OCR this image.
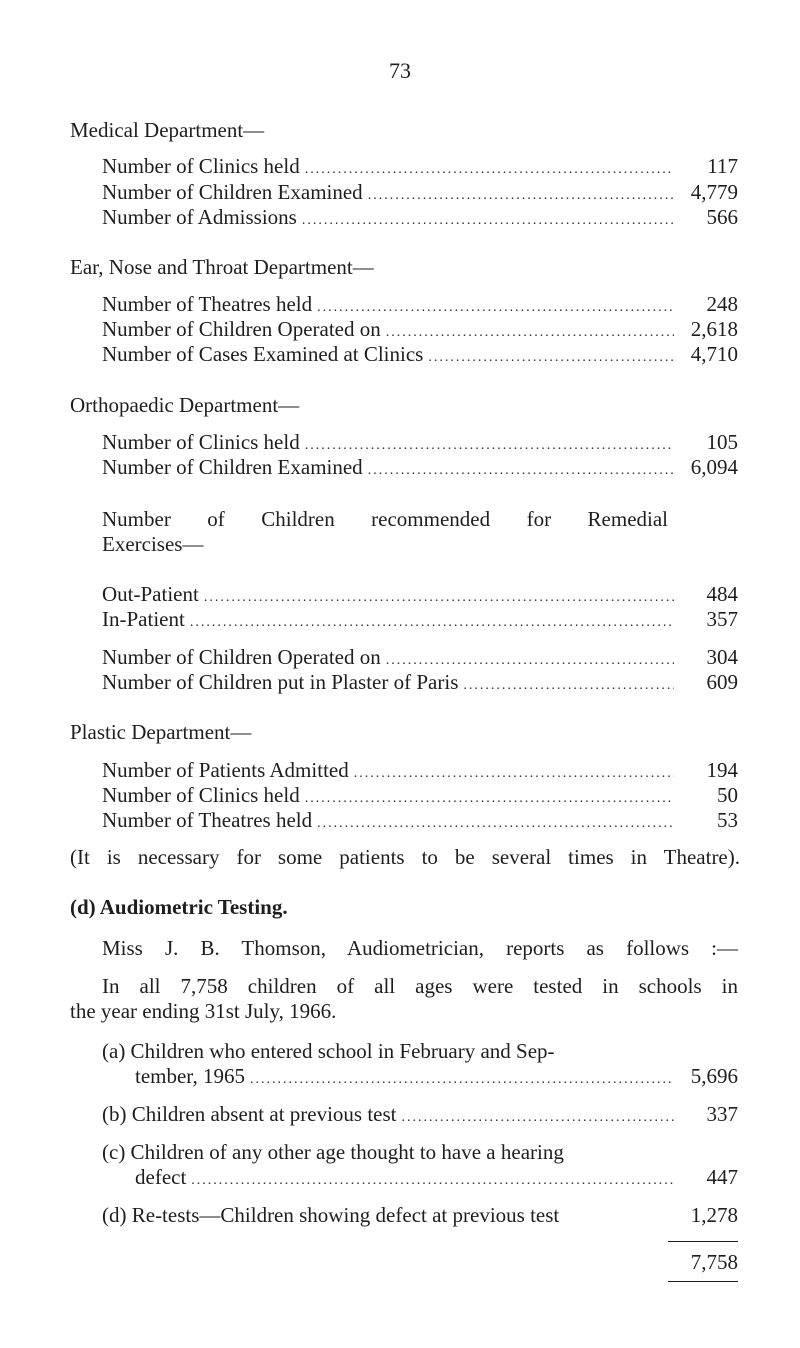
73
Medical Department—
Number of Clinics held .....	117
Number of Children Examined .....	4,779
Number of Admissions .....	566
Ear, Nose and Throat Department—
Number of Theatres held .....	248
Number of Children Operated on .....	2,618
Number of Cases Examined at Clinics .....	4,710
Orthopaedic Department—
Number of Clinics held .....	105
Number of Children Examined .....	6,094
Number of Children recommended for Remedial
Exercises—
Out-Patient .....	484
In-Patient .....	357
Number of Children Operated on .....	304
Number of Children put in Plaster of Paris .....	609
Plastic Department—
Number of Patients Admitted .....	194
Number of Clinics held .....	50
Number of Theatres held .....	53
(It is necessary for some patients to be several times in Theatre).
(d) Audiometric Testing.
Miss J. B. Thomson, Audiometrician, reports as follows :—
In all 7,758 children of all ages were tested in schools in
the year ending 31st July, 1966.
(a) Children who entered school in February and Sep-
tember, 1965 .....	5,696
(b) Children absent at previous test .....	337
(c) Children of any other age thought to have a hearing
defect .....	447
(d) Re-tests—Children showing defect at previous test	1,278
7,758
